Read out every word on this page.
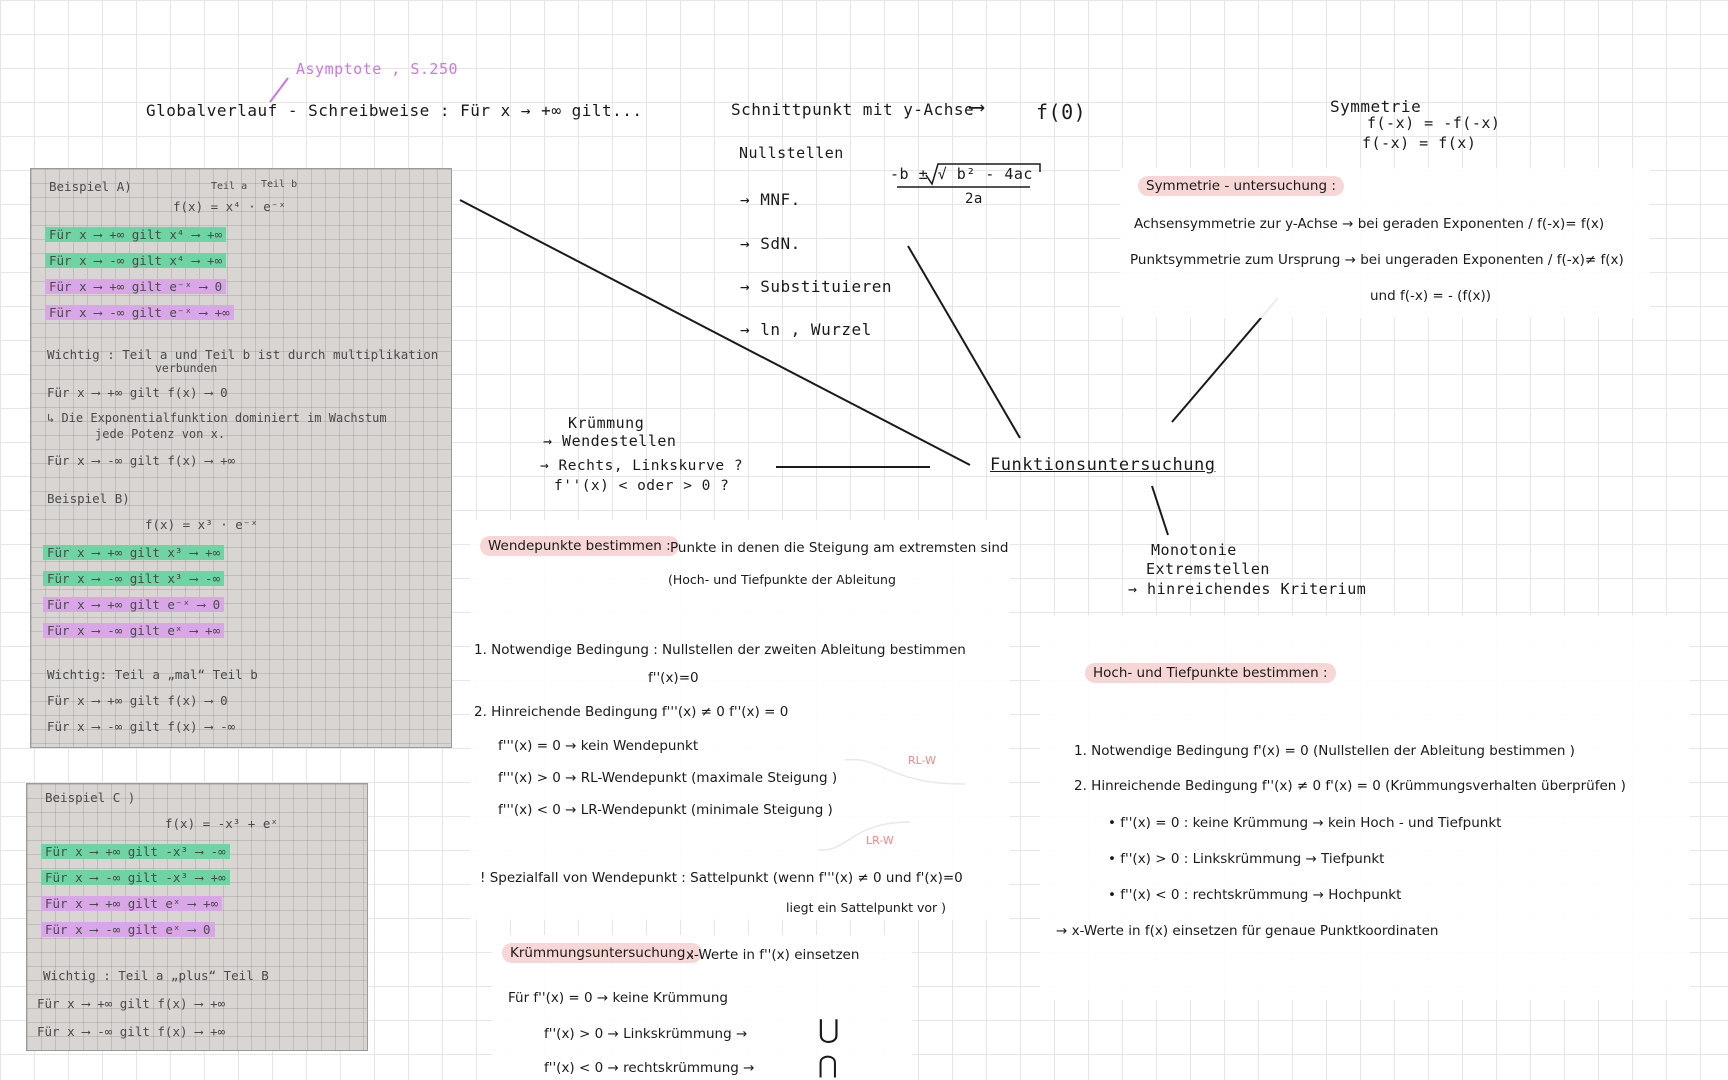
Asymptote , S.250
Globalverlauf - Schreibweise : Für x → +∞ gilt...	Schnittpunkt mit y-Achse
⟶	f(0)	Symmetrie
f(-x) = -f(-x)
f(-x) = f(x)
Nullstellen
→ MNF.
→ SdN.
→ Substituieren
→ ln , Wurzel
-b ± √ b² - 4ac
2a
Symmetrie - untersuchung :
Achsensymmetrie zur y-Achse → bei geraden Exponenten / f(-x)= f(x)
Punktsymmetrie zum Ursprung → bei ungeraden Exponenten / f(-x)≠ f(x)
und f(-x) = - (f(x))
Funktionsuntersuchung
Krümmung
→ Wendestellen
→ Rechts, Linkskurve ?
f''(x) < oder > 0 ?
Monotonie
Extremstellen
→ hinreichendes Kriterium
Wendepunkte bestimmen : Punkte in denen die Steigung am extremsten sind
(Hoch- und Tiefpunkte der Ableitung
1. Notwendige Bedingung : Nullstellen der zweiten Ableitung bestimmen
f''(x)=0
2. Hinreichende Bedingung f'''(x) ≠ 0 f''(x) = 0
f'''(x) = 0 → kein Wendepunkt
f'''(x) > 0 → RL-Wendepunkt (maximale Steigung )
f'''(x) < 0 → LR-Wendepunkt (minimale Steigung )
RL-W
LR-W
! Spezialfall von Wendepunkt : Sattelpunkt (wenn f'''(x) ≠ 0 und f'(x)=0
liegt ein Sattelpunkt vor )
Krümmungsuntersuchung :
x-Werte in f''(x) einsetzen
Für f''(x) = 0 → keine Krümmung
f''(x) > 0 → Linkskrümmung →
f''(x) < 0 → rechtskrümmung →
⋃
⋂
Hoch- und Tiefpunkte bestimmen :
1. Notwendige Bedingung f'(x) = 0 (Nullstellen der Ableitung bestimmen )
2. Hinreichende Bedingung f''(x) ≠ 0 f'(x) = 0 (Krümmungsverhalten überprüfen )
• f''(x) = 0 : keine Krümmung → kein Hoch - und Tiefpunkt
• f''(x) > 0 : Linkskrümmung → Tiefpunkt
• f''(x) < 0 : rechtskrümmung → Hochpunkt
→ x-Werte in f(x) einsetzen für genaue Punktkoordinaten
Beispiel A)	Teil a	Teil b
f(x) = x⁴ · e⁻ˣ
Für x ⟶ +∞ gilt x⁴ ⟶ +∞
Für x ⟶ -∞ gilt x⁴ ⟶ +∞
Für x ⟶ +∞ gilt e⁻ˣ ⟶ 0
Für x ⟶ -∞ gilt e⁻ˣ ⟶ +∞
Wichtig : Teil a und Teil b ist durch multiplikation
verbunden
Für x ⟶ +∞ gilt f(x) ⟶ 0
↳ Die Exponentialfunktion dominiert im Wachstum
jede Potenz von x.
Für x ⟶ -∞ gilt f(x) ⟶ +∞
Beispiel B)
f(x) = x³ · e⁻ˣ
Für x ⟶ +∞ gilt x³ ⟶ +∞
Für x ⟶ -∞ gilt x³ ⟶ -∞
Für x ⟶ +∞ gilt e⁻ˣ ⟶ 0
Für x ⟶ -∞ gilt eˣ ⟶ +∞
Wichtig: Teil a „mal“ Teil b
Für x ⟶ +∞ gilt f(x) ⟶ 0
Für x ⟶ -∞ gilt f(x) ⟶ -∞
Beispiel C )
f(x) = -x³ + eˣ
Für x ⟶ +∞ gilt -x³ ⟶ -∞
Für x ⟶ -∞ gilt -x³ ⟶ +∞
Für x ⟶ +∞ gilt eˣ ⟶ +∞
Für x ⟶ -∞ gilt eˣ ⟶ 0
Wichtig : Teil a „plus“ Teil B
Für x ⟶ +∞ gilt f(x) ⟶ +∞
Für x ⟶ -∞ gilt f(x) ⟶ +∞
